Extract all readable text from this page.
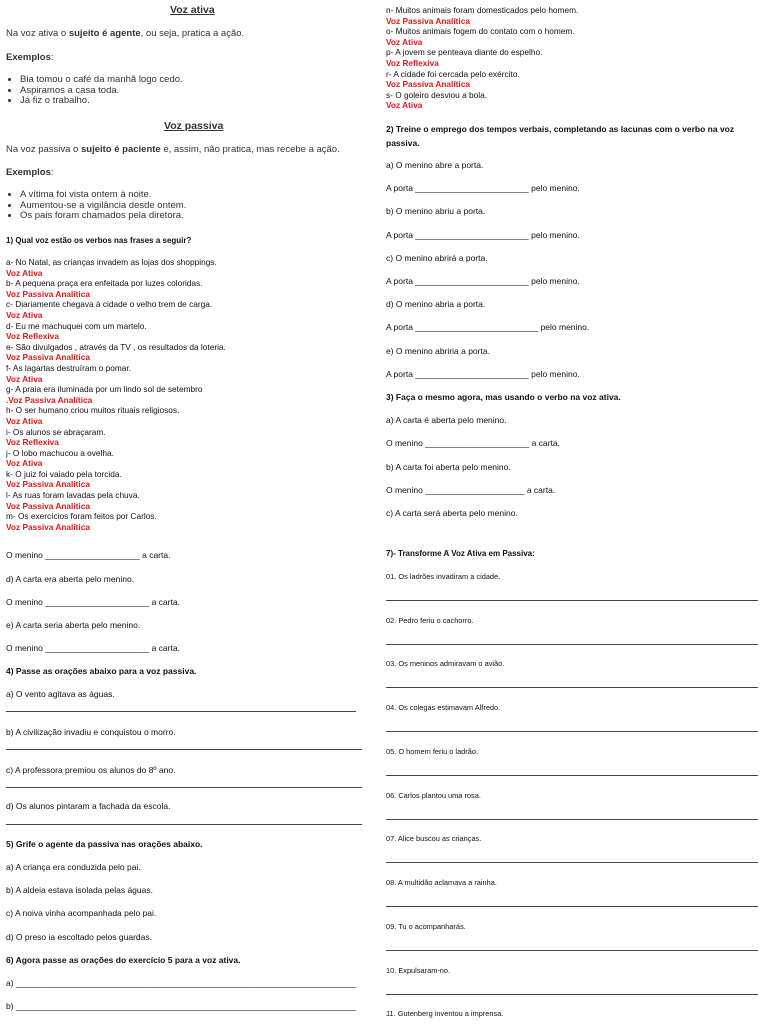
Voz ativa
Na voz ativa o sujeito é agente, ou seja, pratica a ação.
Exemplos:
• Bia tomou o café da manhã logo cedo.
• Aspiramos a casa toda.
• Já fiz o trabalho.
Voz passiva
Na voz passiva o sujeito é paciente e, assim, não pratica, mas recebe a ação.
Exemplos:
• A vítima foi vista ontem à noite.
• Aumentou-se a vigilância desde ontem.
• Os pais foram chamados pela diretora.
1) Qual voz estão os verbos nas frases a seguir?
a- No Natal, as crianças invadem as lojas dos shoppings.
Voz Ativa
b- A pequena praça era enfeitada por luzes coloridas.
Voz Passiva Analítica
c- Diariamente chegava à cidade o velho trem de carga.
Voz Ativa
d- Eu me machuquei com um martelo.
Voz Reflexiva
e- São divulgados , através da TV , os resultados da loteria.
Voz Passiva Analítica
f- As lagartas destruíram o pomar.
Voz Ativa
g- A praia era iluminada por um lindo sol de setembro
.Voz Passiva Analítica
h- O ser humano criou muitos rituais religiosos.
Voz Ativa
i- Os alunos se abraçaram.
Voz Reflexiva
j- O lobo machucou a ovelha.
Voz Ativa
k- O juiz foi vaiado pela torcida.
Voz Passiva Analítica
l- As ruas foram lavadas pela chuva.
Voz Passiva Analítica
m- Os exercícios foram feitos por Carlos.
Voz Passiva Analítica
O menino ____________________ a carta.
d) A carta era aberta pelo menino.
O menino ______________________ a carta.
e) A carta seria aberta pelo menino.
O menino ______________________ a carta.
4) Passe as orações abaixo para a voz passiva.
a) O vento agitava as águas.
b) A civilização invadiu e conquistou o morro.
c) A professora premiou os alunos do 8º ano.
d) Os alunos pintaram a fachada da escola.
5) Grife o agente da passiva nas orações abaixo.
a) A criança era conduzida pelo pai.
b) A aldeia estava isolada pelas águas.
c) A noiva vinha acompanhada pelo pai.
d) O preso ia escoltado pelos guardas.
6) Agora passe as orações do exercício 5 para a voz ativa.
a) ________________________________________________________________________
b) ________________________________________________________________________
n- Muitos animais foram domesticados pelo homem.
Voz Passiva Analítica
o- Muitos animais fogem do contato com o homem.
Voz Ativa
p- A jovem se penteava diante do espelho.
Voz Reflexiva
r- A cidade foi cercada pelo exército.
Voz Passiva Analítica
s- O goleiro desviou a bola.
Voz Ativa
2) Treine o emprego dos tempos verbais, completando as lacunas com o verbo na voz passiva.
a) O menino abre a porta.
A porta ________________________ pelo menino.
b) O menino abriu a porta.
A porta ________________________ pelo menino.
c) O menino abrirá a porta.
A porta ________________________ pelo menino.
d) O menino abria a porta.
A porta __________________________ pelo menino.
e) O menino abriria a porta.
A porta ________________________ pelo menino.
3) Faça o mesmo agora, mas usando o verbo na voz ativa.
a) A carta é aberta pelo menino.
O menino ______________________ a carta.
b) A carta foi aberta pelo menino.
O menino _____________________ a carta.
c) A carta será aberta pelo menino.
7)- Transforme A Voz Ativa em Passiva:
01. Os ladrões invadiram a cidade.
02. Pedro feriu o cachorro.
03. Os meninos admiravam o avião.
04. Os colegas estimavam Alfredo.
05. O homem feriu o ladrão.
06. Carlos plantou uma rosa.
07. Alice buscou as crianças.
08. A multidão aclamava a rainha.
09. Tu o acompanharás.
10. Expulsaram-no.
11. Gutenberg inventou a imprensa.
